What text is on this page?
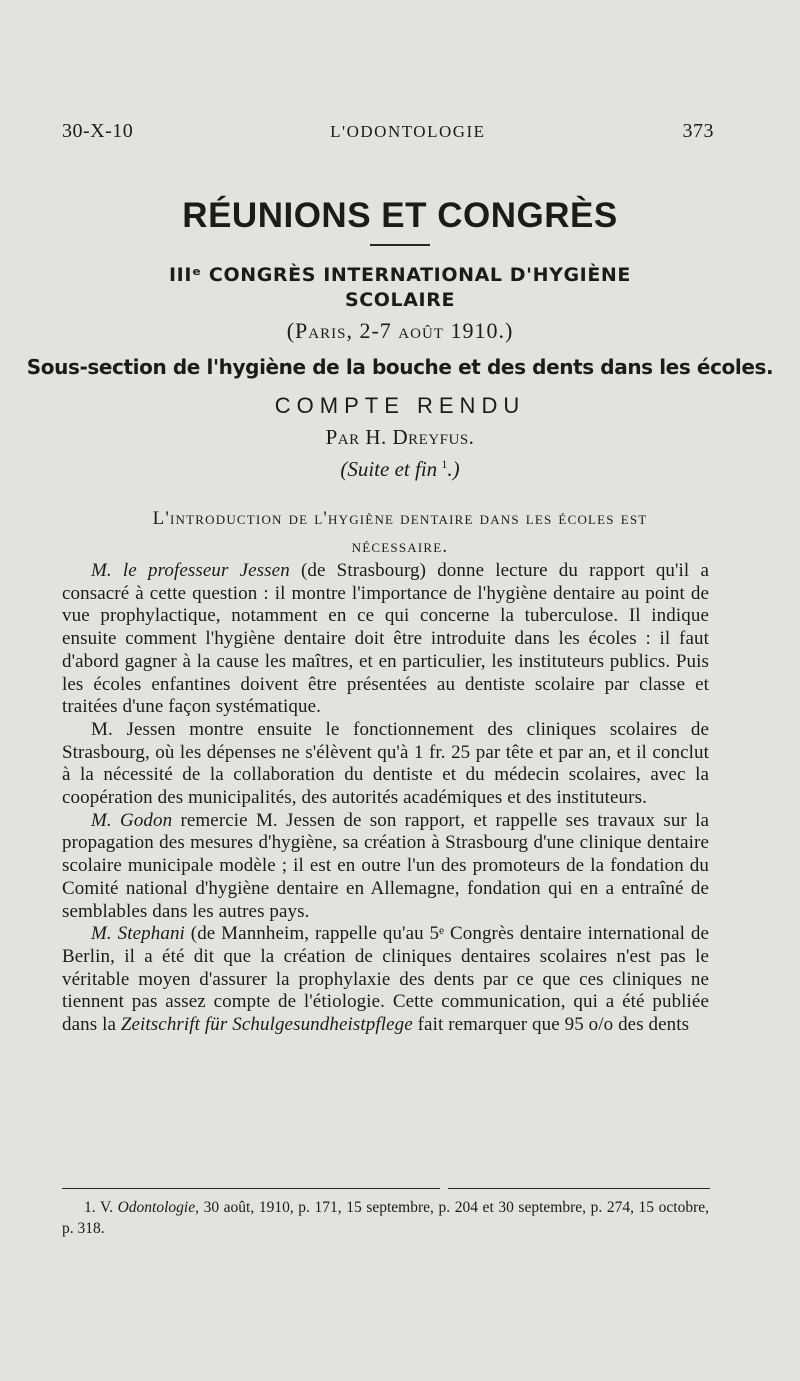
30-X-10	L'ODONTOLOGIE	373
RÉUNIONS ET CONGRÈS
IIIᵉ CONGRÈS INTERNATIONAL D'HYGIÈNE
SCOLAIRE
(Paris, 2-7 août 1910.)
Sous-section de l'hygiène de la bouche et des dents dans les écoles.
COMPTE RENDU
Par H. Dreyfus.
(Suite et fin  $^1$.)
L'introduction de l'hygiène dentaire dans les écoles est
nécessaire.

M. le professeur Jessen (de Strasbourg) donne lecture du rapport qu'il a consacré à cette question : il montre l'importance de l'hygiène dentaire au point de vue prophylactique, notamment en ce qui concerne la tuberculose. Il indique ensuite comment l'hygiène dentaire doit être introduite dans les écoles : il faut d'abord gagner à la cause les maîtres, et en particulier, les instituteurs publics. Puis les écoles enfantines doivent être présentées au dentiste scolaire par classe et traitées d'une façon systématique.

M. Jessen montre ensuite le fonctionnement des cliniques scolaires de Strasbourg, où les dépenses ne s'élèvent qu'à 1 fr. 25 par tête et par an, et il conclut à la nécessité de la collaboration du dentiste et du médecin scolaires, avec la coopération des municipalités, des autorités académiques et des instituteurs.

M. Godon remercie M. Jessen de son rapport, et rappelle ses travaux sur la propagation des mesures d'hygiène, sa création à Strasbourg d'une clinique dentaire scolaire municipale modèle ; il est en outre l'un des promoteurs de la fondation du Comité national d'hygiène dentaire en Allemagne, fondation qui en a entraîné de semblables dans les autres pays.

M. Stephani (de Mannheim, rappelle qu'au 5ᵉ Congrès dentaire international de Berlin, il a été dit que la création de cliniques dentaires scolaires n'est pas le véritable moyen d'assurer la prophylaxie des dents par ce que ces cliniques ne tiennent pas assez compte de l'étiologie. Cette communication, qui a été publiée dans la Zeitschrift für Schulgesundheistpflege fait remarquer que 95 o/o des dents

1. V. Odontologie, 30 août, 1910, p. 171, 15 septembre, p. 204 et 30 septembre, p. 274, 15 octobre, p. 318.
